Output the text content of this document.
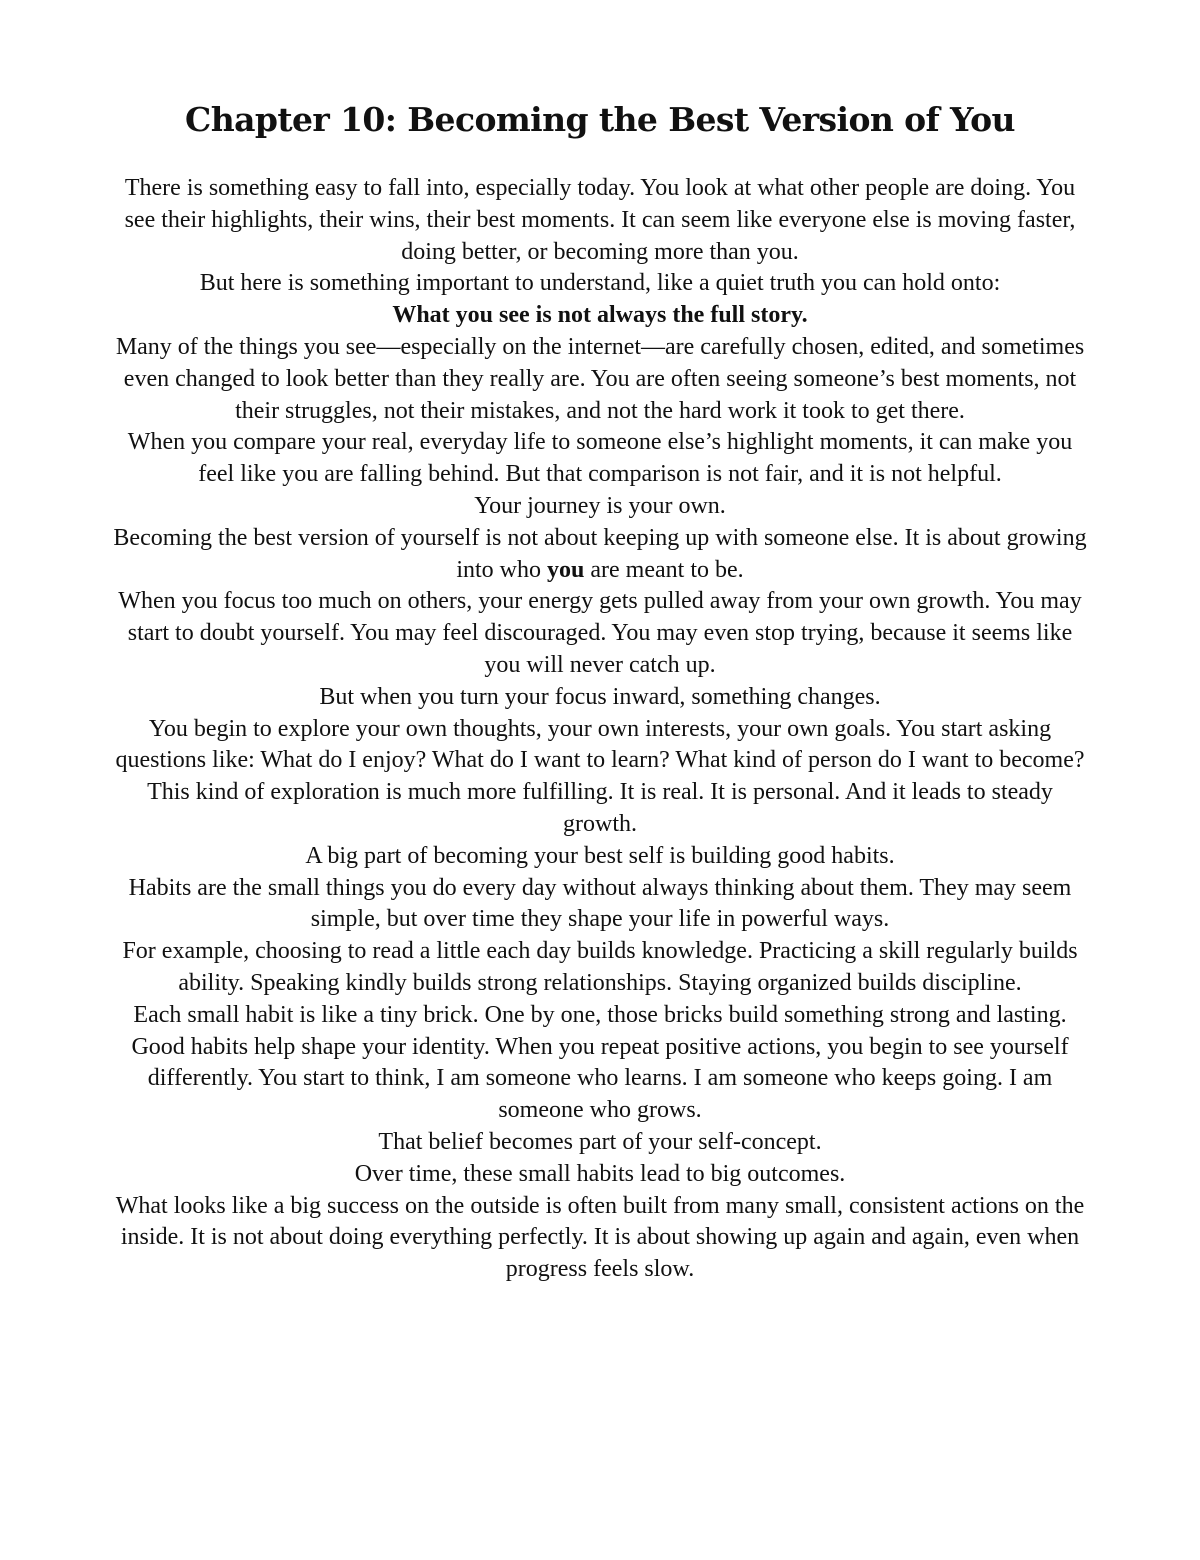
Chapter 10: Becoming the Best Version of You

There is something easy to fall into, especially today. You look at what other people are doing. You see their highlights, their wins, their best moments. It can seem like everyone else is moving faster, doing better, or becoming more than you.

But here is something important to understand, like a quiet truth you can hold onto:

What you see is not always the full story.

Many of the things you see—especially on the internet—are carefully chosen, edited, and sometimes even changed to look better than they really are. You are often seeing someone’s best moments, not their struggles, not their mistakes, and not the hard work it took to get there.

When you compare your real, everyday life to someone else’s highlight moments, it can make you feel like you are falling behind. But that comparison is not fair, and it is not helpful.

Your journey is your own.

Becoming the best version of yourself is not about keeping up with someone else. It is about growing into who you are meant to be.

When you focus too much on others, your energy gets pulled away from your own growth. You may start to doubt yourself. You may feel discouraged. You may even stop trying, because it seems like you will never catch up.

But when you turn your focus inward, something changes.

You begin to explore your own thoughts, your own interests, your own goals. You start asking questions like: What do I enjoy? What do I want to learn? What kind of person do I want to become?

This kind of exploration is much more fulfilling. It is real. It is personal. And it leads to steady growth.

A big part of becoming your best self is building good habits.

Habits are the small things you do every day without always thinking about them. They may seem simple, but over time they shape your life in powerful ways.

For example, choosing to read a little each day builds knowledge. Practicing a skill regularly builds ability. Speaking kindly builds strong relationships. Staying organized builds discipline.

Each small habit is like a tiny brick. One by one, those bricks build something strong and lasting.

Good habits help shape your identity. When you repeat positive actions, you begin to see yourself differently. You start to think, I am someone who learns. I am someone who keeps going. I am someone who grows.

That belief becomes part of your self-concept.

Over time, these small habits lead to big outcomes.

What looks like a big success on the outside is often built from many small, consistent actions on the inside. It is not about doing everything perfectly. It is about showing up again and again, even when progress feels slow.
